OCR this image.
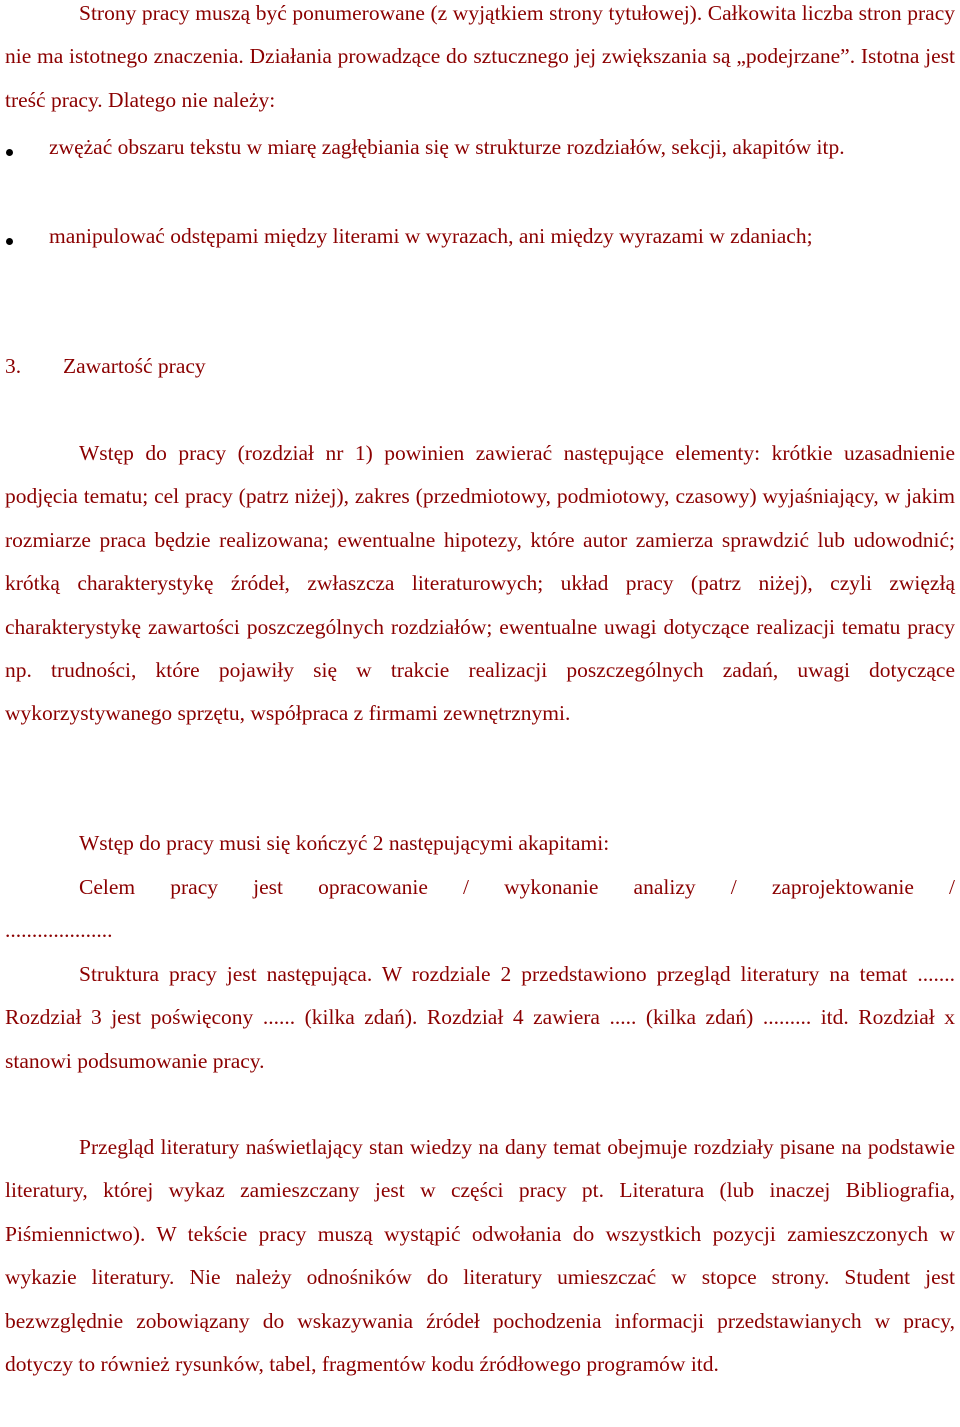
Strony pracy muszą być ponumerowane (z wyjątkiem strony tytułowej). Całkowita liczba stron pracy nie ma istotnego znaczenia. Działania prowadzące do sztucznego jej zwiększania są „podejrzane”. Istotna jest treść pracy. Dlatego nie należy:

zwężać obszaru tekstu w miarę zagłębiania się w strukturze rozdziałów, sekcji, akapitów itp.

manipulować odstępami między literami w wyrazach, ani między wyrazami w zdaniach;

3. Zawartość pracy

Wstęp do pracy (rozdział nr 1) powinien zawierać następujące elementy: krótkie uzasadnienie podjęcia tematu; cel pracy (patrz niżej), zakres (przedmiotowy, podmiotowy, czasowy) wyjaśniający, w jakim rozmiarze praca będzie realizowana; ewentualne hipotezy, które autor zamierza sprawdzić lub udowodnić; krótką charakterystykę źródeł, zwłaszcza literaturowych; układ pracy (patrz niżej), czyli zwięzłą charakterystykę zawartości poszczególnych rozdziałów; ewentualne uwagi dotyczące realizacji tematu pracy np. trudności, które pojawiły się w trakcie realizacji poszczególnych zadań, uwagi dotyczące wykorzystywanego sprzętu, współpraca z firmami zewnętrznymi.

Wstęp do pracy musi się kończyć 2 następującymi akapitami:

Celem pracy jest opracowanie / wykonanie analizy / zaprojektowanie /

....................

Struktura pracy jest następująca. W rozdziale 2 przedstawiono przegląd literatury na temat ....... Rozdział 3 jest poświęcony ...... (kilka zdań). Rozdział 4 zawiera ..... (kilka zdań) ......... itd. Rozdział x stanowi podsumowanie pracy.

Przegląd literatury naświetlający stan wiedzy na dany temat obejmuje rozdziały pisane na podstawie literatury, której wykaz zamieszczany jest w części pracy pt. Literatura (lub inaczej Bibliografia, Piśmiennictwo). W tekście pracy muszą wystąpić odwołania do wszystkich pozycji zamieszczonych w wykazie literatury. Nie należy odnośników do literatury umieszczać w stopce strony. Student jest bezwzględnie zobowiązany do wskazywania źródeł pochodzenia informacji przedstawianych w pracy, dotyczy to również rysunków, tabel, fragmentów kodu źródłowego programów itd.
